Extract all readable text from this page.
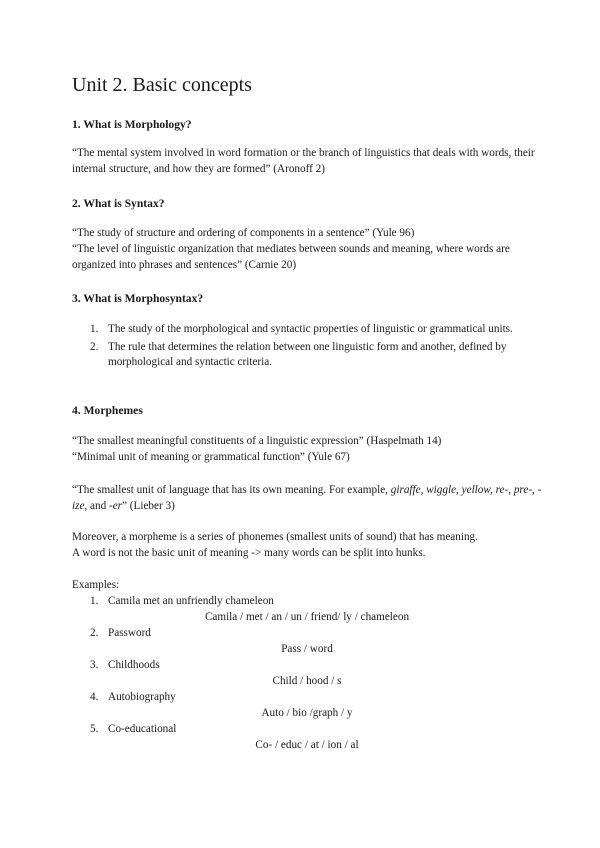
Unit 2. Basic concepts
1. What is Morphology?

“The mental system involved in word formation or the branch of linguistics that deals with words, their internal structure, and how they are formed” (Aronoff 2)

2. What is Syntax?

“The study of structure and ordering of components in a sentence” (Yule 96)

“The level of linguistic organization that mediates between sounds and meaning, where words are organized into phrases and sentences” (Carnie 20)

3. What is Morphosyntax?
1. The study of the morphological and syntactic properties of linguistic or grammatical units.
2. The rule that determines the relation between one linguistic form and another, defined by morphological and syntactic criteria.
4. Morphemes

“The smallest meaningful constituents of a linguistic expression” (Haspelmath 14)

“Minimal unit of meaning or grammatical function” (Yule 67)

“The smallest unit of language that has its own meaning. For example, giraffe, wiggle, yellow, re-, pre-, -ize, and -er” (Lieber 3)

Moreover, a morpheme is a series of phonemes (smallest units of sound) that has meaning.

A word is not the basic unit of meaning -> many words can be split into hunks.

Examples:

1. Camila met an unfriendly chameleon
Camila / met / an / un / friend/ ly / chameleon
2. Password
Pass / word
3. Childhoods
Child / hood / s
4. Autobiography
Auto / bio /graph / y
5. Co-educational
Co- / educ / at / ion / al
